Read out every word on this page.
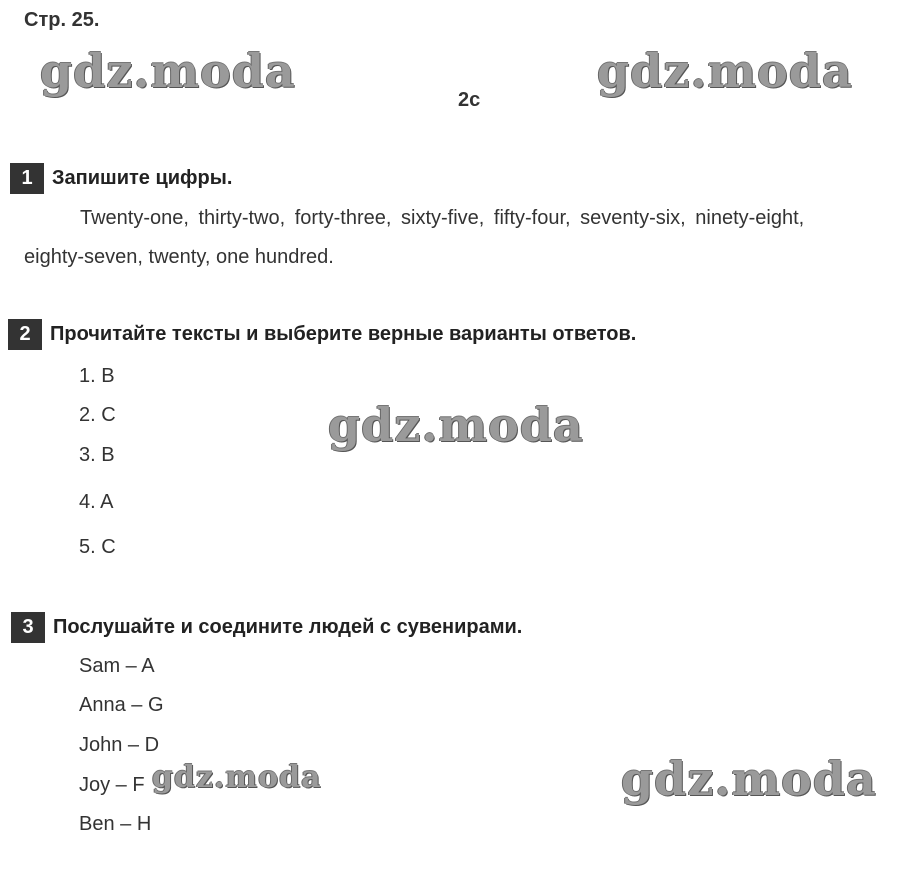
Стр. 25.
2c
gdz.moda	gdz.moda
gdz.moda
gdz.moda	gdz.moda
1 Запишите цифры.
Twenty-one, thirty-two, forty-three, sixty-five, fifty-four, seventy-six, ninety-eight,
eighty-seven, twenty, one hundred.
2 Прочитайте тексты и выберите верные варианты ответов.
1. B
2. C
3. B
4. A
5. C
3 Послушайте и соедините людей с сувенирами.
Sam – A
Anna – G
John – D
Joy – F
Ben – H
